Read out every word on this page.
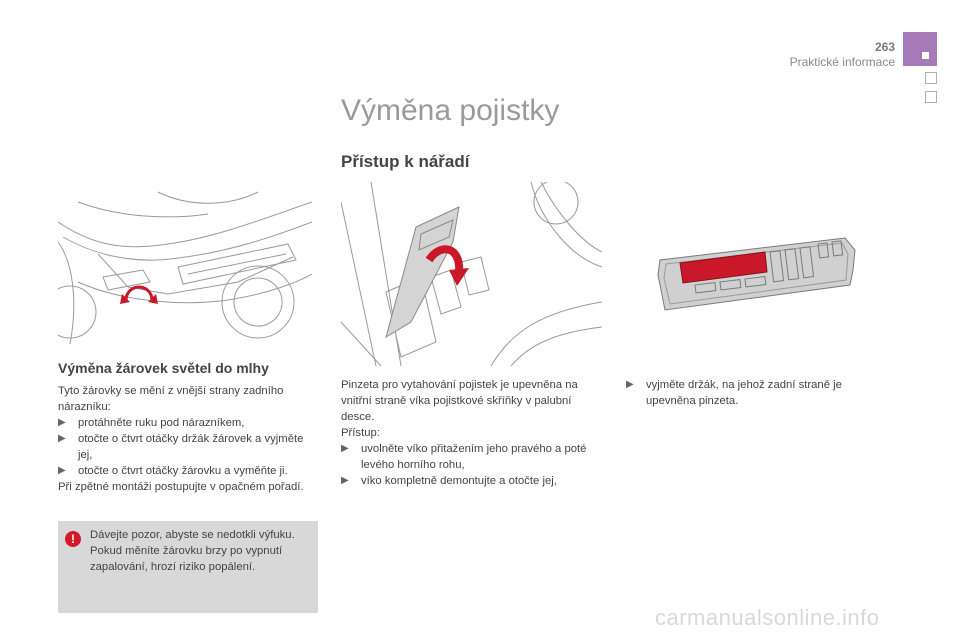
263
Praktické informace
Výměna pojistky
Přístup k nářadí
Výměna žárovek světel do mlhy
Tyto žárovky se mění z vnější strany zadního nárazníku:
▶ protáhněte ruku pod nárazníkem,
▶ otočte o čtvrt otáčky držák žárovek a vyjměte jej,
▶ otočte o čtvrt otáčky žárovku a vyměňte ji.
Při zpětné montáži postupujte v opačném pořadí.
!	Dávejte pozor, abyste se nedotkli výfuku. Pokud měníte žárovku brzy po vypnutí zapalování, hrozí riziko popálení.
Pinzeta pro vytahování pojistek je upevněna na vnitřní straně víka pojistkové skříňky v palubní desce.
Přístup:
▶ uvolněte víko přitažením jeho pravého a poté levého horního rohu,
▶ víko kompletně demontujte a otočte jej,
▶ vyjměte držák, na jehož zadní straně je upevněna pinzeta.
carmanualsonline.info
